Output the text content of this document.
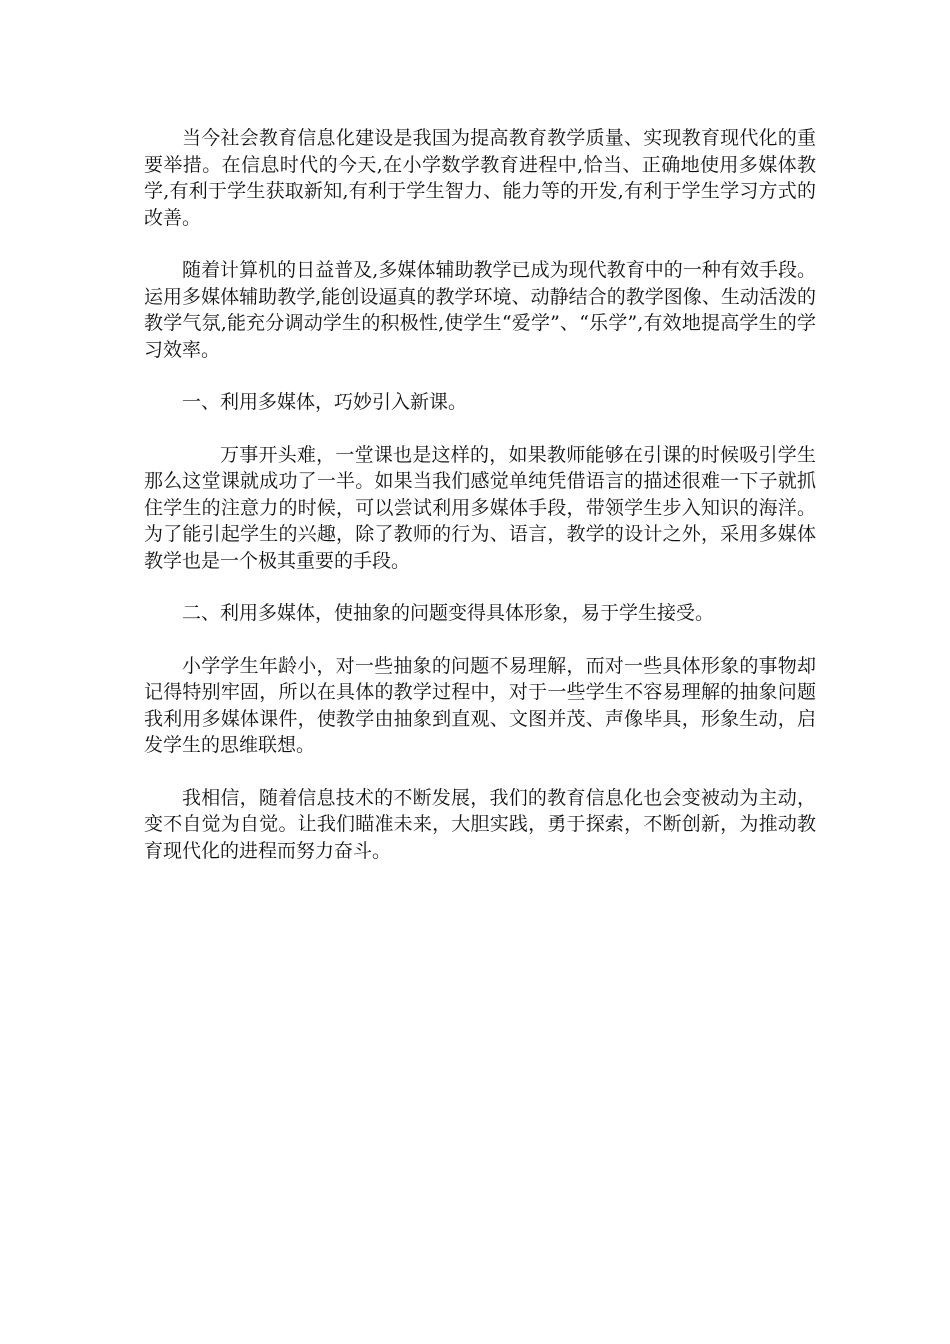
当今社会教育信息化建设是我国为提高教育教学质量、实现教育现代化的重要举措。在信息时代的今天,在小学数学教育进程中,恰当、正确地使用多媒体教学,有利于学生获取新知,有利于学生智力、能力等的开发,有利于学生学习方式的改善。

随着计算机的日益普及,多媒体辅助教学已成为现代教育中的一种有效手段。运用多媒体辅助教学,能创设逼真的教学环境、动静结合的教学图像、生动活泼的教学气氛,能充分调动学生的积极性,使学生“爱学”、“乐学”,有效地提高学生的学习效率。

一、利用多媒体，巧妙引入新课。

万事开头难，一堂课也是这样的，如果教师能够在引课的时候吸引学生那么这堂课就成功了一半。如果当我们感觉单纯凭借语言的描述很难一下子就抓住学生的注意力的时候，可以尝试利用多媒体手段，带领学生步入知识的海洋。为了能引起学生的兴趣，除了教师的行为、语言，教学的设计之外，采用多媒体教学也是一个极其重要的手段。

二、利用多媒体，使抽象的问题变得具体形象，易于学生接受。

小学学生年龄小，对一些抽象的问题不易理解，而对一些具体形象的事物却记得特别牢固，所以在具体的教学过程中，对于一些学生不容易理解的抽象问题我利用多媒体课件，使教学由抽象到直观、文图并茂、声像毕具，形象生动，启发学生的思维联想。

我相信，随着信息技术的不断发展，我们的教育信息化也会变被动为主动，变不自觉为自觉。让我们瞄准未来，大胆实践，勇于探索，不断创新，为推动教育现代化的进程而努力奋斗。
